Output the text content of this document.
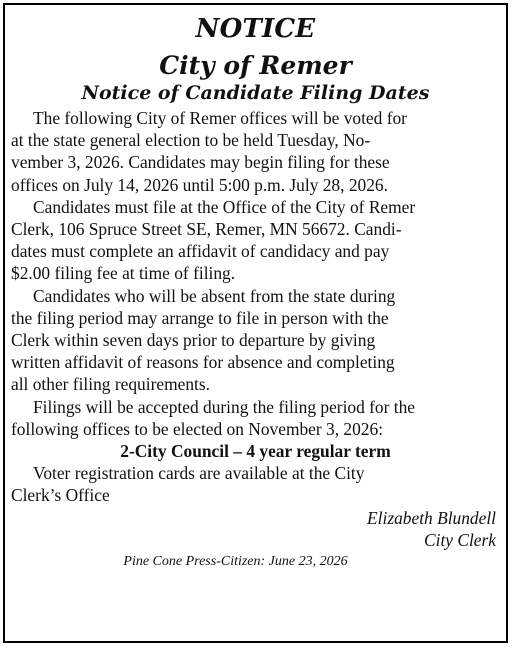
NOTICE
City of Remer
Notice of Candidate Filing Dates
The following City of Remer offices will be voted for
at the state general election to be held Tuesday, No-
vember 3, 2026. Candidates may begin filing for these
offices on July 14, 2026 until 5:00 p.m. July 28, 2026.
Candidates must file at the Office of the City of Remer
Clerk, 106 Spruce Street SE, Remer, MN 56672. Candi-
dates must complete an affidavit of candidacy and pay
$2.00 filing fee at time of filing.
Candidates who will be absent from the state during
the filing period may arrange to file in person with the
Clerk within seven days prior to departure by giving
written affidavit of reasons for absence and completing
all other filing requirements.
Filings will be accepted during the filing period for the
following offices to be elected on November 3, 2026:
2-City Council – 4 year regular term
Voter registration cards are available at the City
Clerk’s Office
Elizabeth Blundell
City Clerk
Pine Cone Press-Citizen: June 23, 2026
